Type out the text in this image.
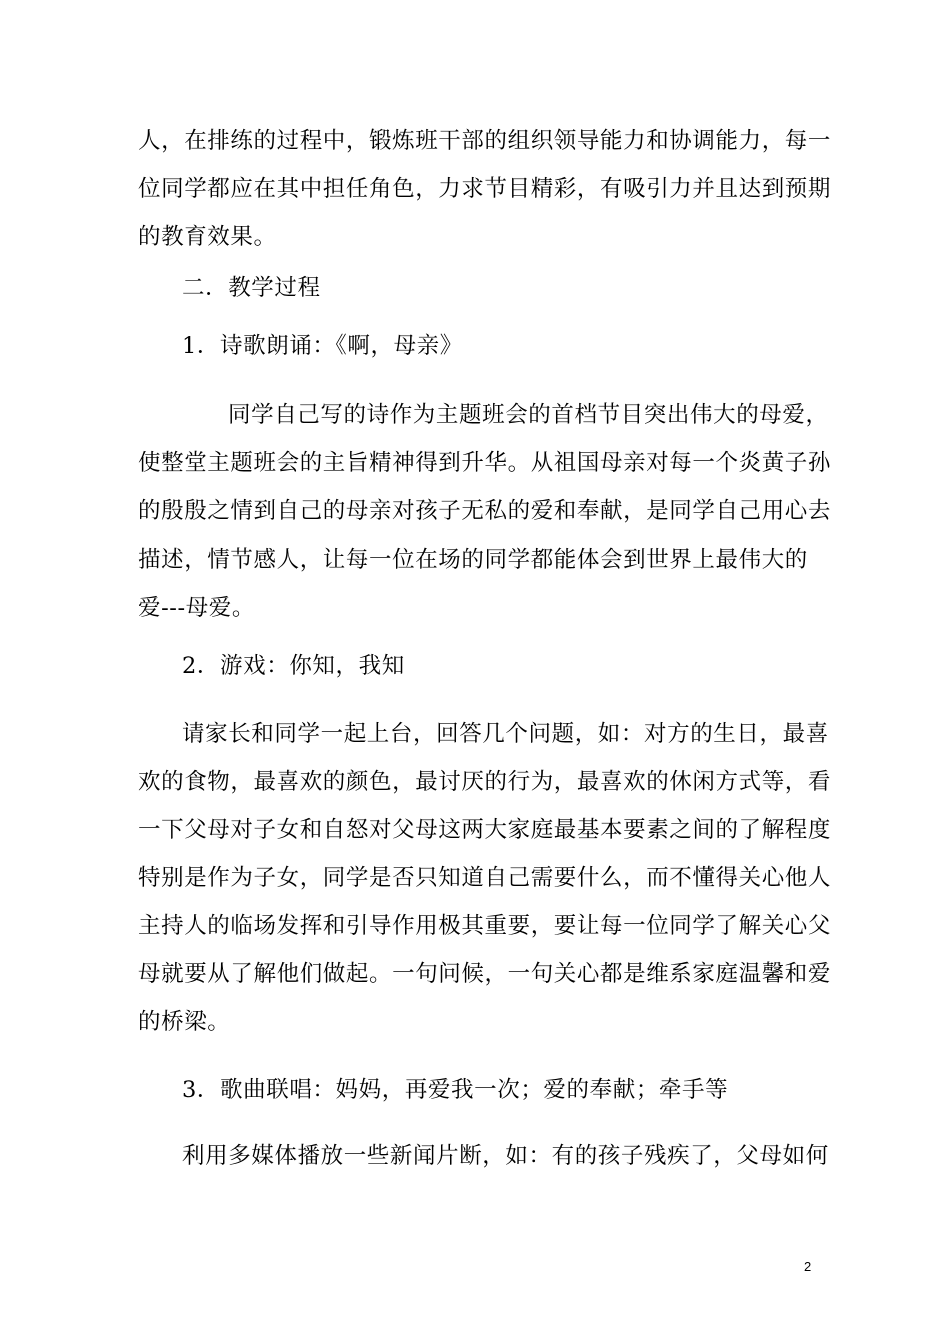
人，在排练的过程中，锻炼班干部的组织领导能力和协调能力，每一
位同学都应在其中担任角色，力求节目精彩，有吸引力并且达到预期
的教育效果。
二．教学过程
1．诗歌朗诵：《啊，母亲》
同学自己写的诗作为主题班会的首档节目突出伟大的母爱，
使整堂主题班会的主旨精神得到升华。从祖国母亲对每一个炎黄子孙
的殷殷之情到自己的母亲对孩子无私的爱和奉献，是同学自己用心去
描述，情节感人，让每一位在场的同学都能体会到世界上最伟大的
爱---母爱。
2．游戏：你知，我知
请家长和同学一起上台，回答几个问题，如：对方的生日，最喜
欢的食物，最喜欢的颜色，最讨厌的行为，最喜欢的休闲方式等，看
一下父母对子女和自怒对父母这两大家庭最基本要素之间的了解程度
特别是作为子女，同学是否只知道自己需要什么，而不懂得关心他人
主持人的临场发挥和引导作用极其重要，要让每一位同学了解关心父
母就要从了解他们做起。一句问候，一句关心都是维系家庭温馨和爱
的桥梁。
3．歌曲联唱：妈妈，再爱我一次；爱的奉献；牵手等
利用多媒体播放一些新闻片断，如：有的孩子残疾了，父母如何
2
